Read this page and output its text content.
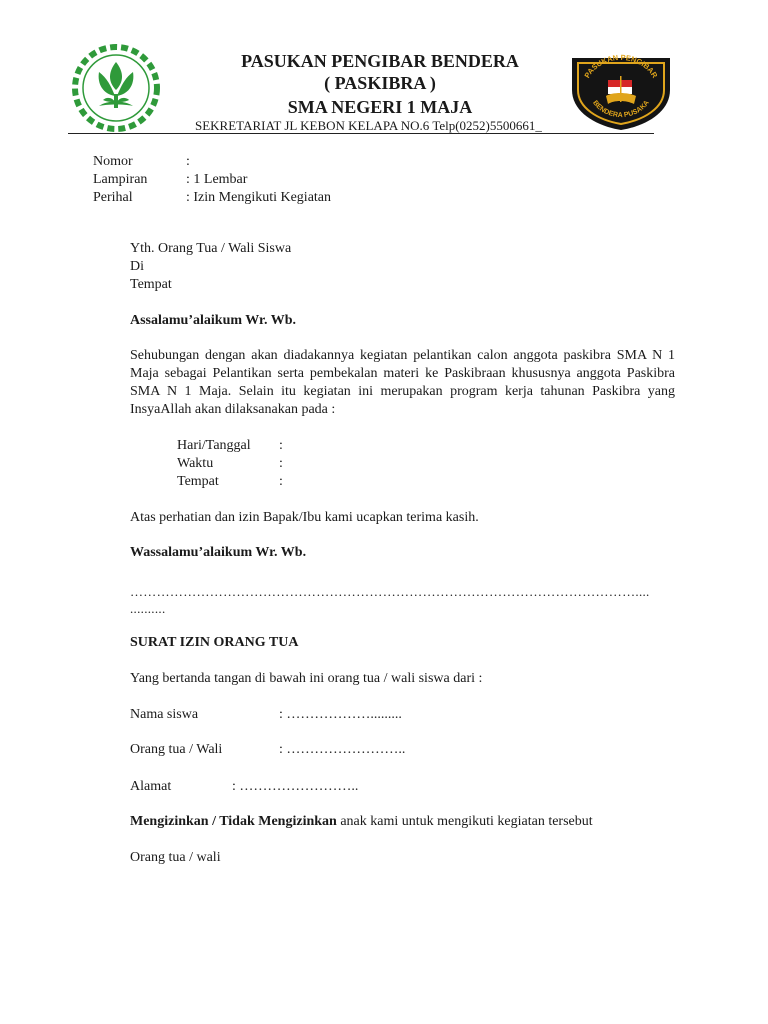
PASUKAN PENGIBAR BENDERA
( PASKIBRA )
SMA NEGERI 1 MAJA
SEKRETARIAT JL KEBON KELAPA NO.6 Telp(0252)5500661_
PASUKAN PENGIBAR
BENDERA PUSAKA
Nomor	:
Lampiran	: 1 Lembar
Perihal	: Izin Mengikuti Kegiatan
Yth. Orang Tua / Wali Siswa
Di
Tempat
Assalamu’alaikum Wr. Wb.
Sehubungan dengan akan diadakannya kegiatan pelantikan calon anggota paskibra SMA N 1 Maja sebagai Pelantikan serta pembekalan materi ke Paskibraan khususnya anggota Paskibra SMA N 1 Maja. Selain itu kegiatan ini merupakan program kerja tahunan Paskibra yang InsyaAllah akan dilaksanakan pada :
Hari/Tanggal :
Waktu	:
Tempat	:
Atas perhatian dan izin Bapak/Ibu kami ucapkan terima kasih.
Wassalamu’alaikum Wr. Wb.
……………………………………………………………………………………………………....
..........
SURAT IZIN ORANG TUA
Yang bertanda tangan di bawah ini orang tua / wali siswa dari :
Nama siswa	: ……………….........
Orang tua / Wali	: ……………………..
Alamat	: ……………………..
Mengizinkan / Tidak Mengizinkan anak kami untuk mengikuti kegiatan tersebut
Orang tua / wali
